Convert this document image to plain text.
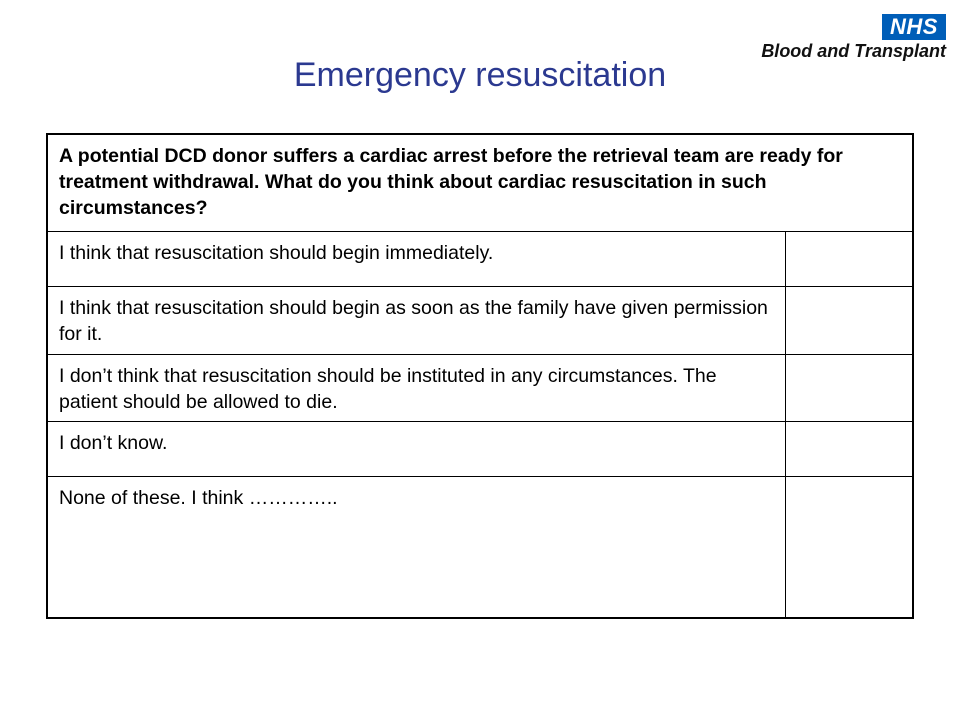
NHS
Blood and Transplant
Emergency resuscitation
A potential DCD donor suffers a cardiac arrest before the retrieval team are ready for treatment withdrawal. What do you think about cardiac resuscitation in such circumstances?	
I think that resuscitation should begin immediately.	
I think that resuscitation should begin as soon as the family have given permission for it.	
I don’t think that resuscitation should be instituted in any circumstances. The patient should be allowed to die.	
I don’t know.	
None of these. I think …………..	
